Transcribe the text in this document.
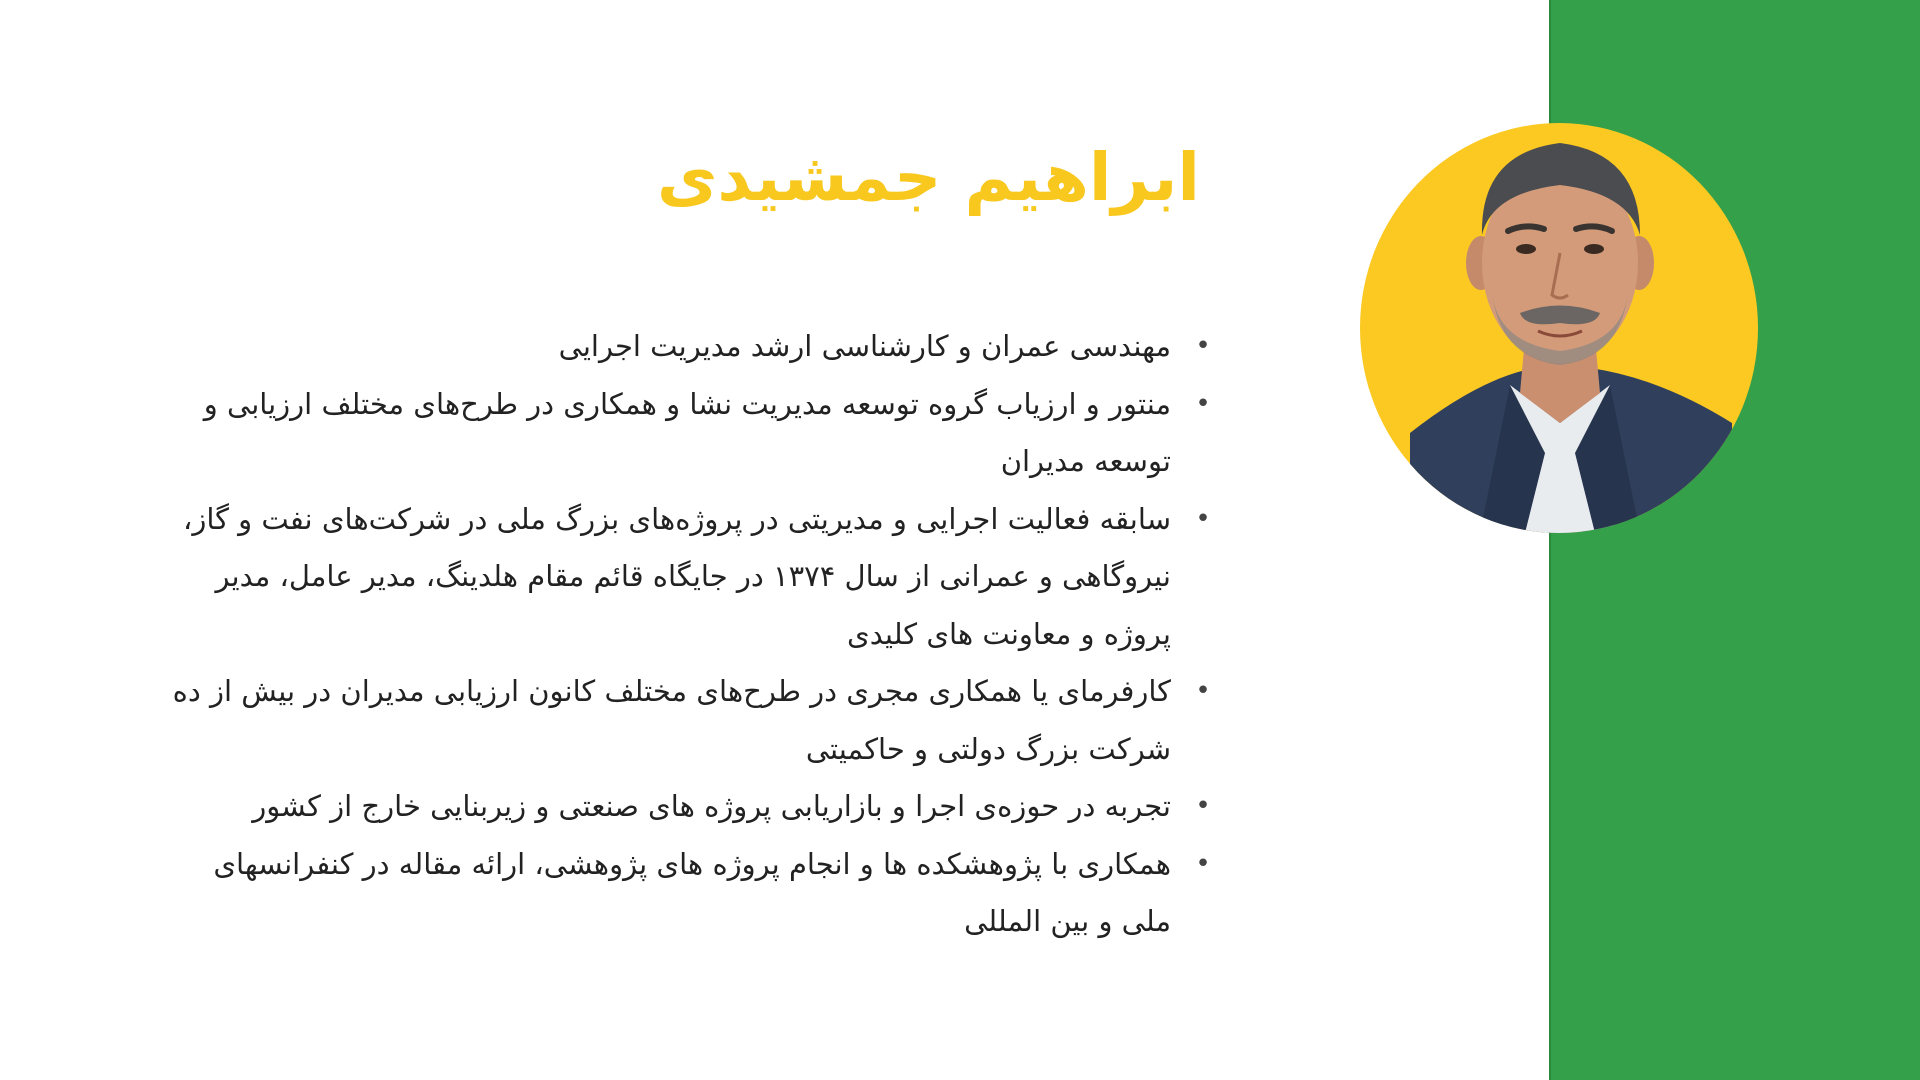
ابراهیم جمشیدی
•
مهندسی عمران و کارشناسی ارشد مدیریت اجرایی
•
منتور و ارزیاب گروه توسعه مدیریت نشا و همکاری در طرح‌های مختلف ارزیابی و توسعه مدیران
•
سابقه فعالیت اجرایی و مدیریتی در پروژه‌های بزرگ ملی در شرکت‌های نفت و گاز، نیروگاهی و عمرانی از سال ۱۳۷۴ در جایگاه قائم مقام هلدینگ، مدیر عامل، مدیر پروژه و معاونت های کلیدی
•
کارفرمای یا همکاری مجری در طرح‌های مختلف کانون ارزیابی مدیران در بیش از ده شرکت بزرگ دولتی و حاکمیتی
•
تجربه در حوزه‌ی اجرا و بازاریابی پروژه های صنعتی و زیربنایی خارج از کشور
•
همکاری با پژوهشکده ها و انجام پروژه های پژوهشی، ارائه مقاله در کنفرانسهای ملی و بین المللی
